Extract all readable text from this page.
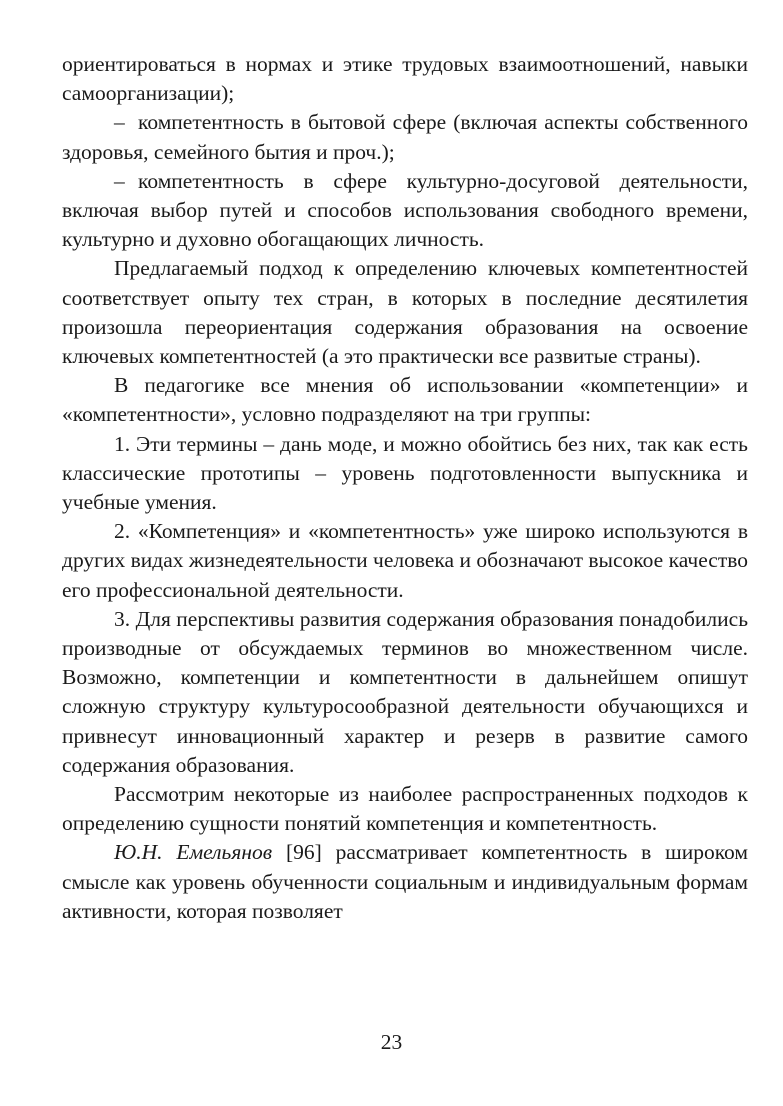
ориентироваться в нормах и этике трудовых взаимоотношений, навыки самоорганизации);

– компетентность в бытовой сфере (включая аспекты собственного здоровья, семейного бытия и проч.);

– компетентность в сфере культурно-досуговой деятельности, включая выбор путей и способов использования свободного времени, культурно и духовно обогащающих личность.

Предлагаемый подход к определению ключевых компетентностей соответствует опыту тех стран, в которых в последние десятилетия произошла переориентация содержания образования на освоение ключевых компетентностей (а это практически все развитые страны).

В педагогике все мнения об использовании «компетенции» и «компетентности», условно подразделяют на три группы:

1. Эти термины – дань моде, и можно обойтись без них, так как есть классические прототипы – уровень подготовленности выпускника и учебные умения.

2. «Компетенция» и «компетентность» уже широко используются в других видах жизнедеятельности человека и обозначают высокое качество его профессиональной деятельности.

3. Для перспективы развития содержания образования понадобились производные от обсуждаемых терминов во множественном числе. Возможно, компетенции и компетентности в дальнейшем опишут сложную структуру культуросообразной деятельности обучающихся и привнесут инновационный характер и резерв в развитие самого содержания образования.

Рассмотрим некоторые из наиболее распространенных подходов к определению сущности понятий компетенция и компетентность.

Ю.Н. Емельянов [96] рассматривает компетентность в широком смысле как уровень обученности социальным и индивидуальным формам активности, которая позволяет

23
